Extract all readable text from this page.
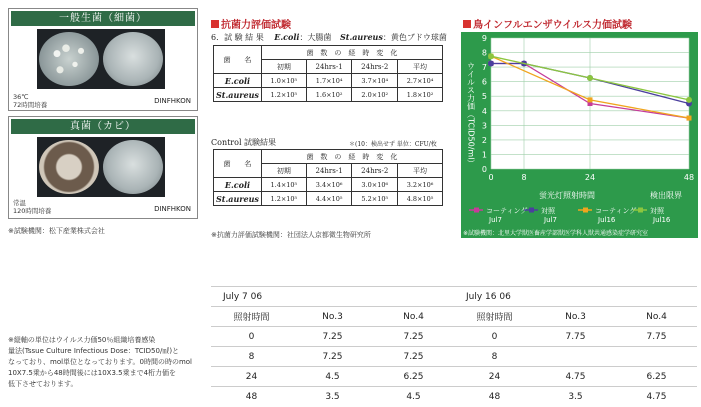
一般生菌（細菌）
36℃
72時間培養	DINFHKON
真菌（カビ）
常温
120時間培養	DINFHKON
※試験機関：松下産業株式会社
抗菌力評価試験
6．試 験 結 果 E.coli：大腸菌 St.aureus：黄色ブドウ球菌
菌　　名	菌　数　の　経　時　変　化			
	初期	24hrs-1	24hrs-2	平均
E.coli	1.0×10⁵	1.7×10⁴	3.7×10⁴	2.7×10⁴
St.aureus	1.2×10⁵	1.6×10²	2.0×10²	1.8×10²
Control 試験結果	＊(10：検出せず 単位：CFU/枚
菌　　名	菌　数　の　経　時　変　化			
	初期	24hrs-1	24hrs-2	平均
E.coli	1.4×10⁵	3.4×10⁶	3.0×10⁶	3.2×10⁶
St.aureus	1.2×10⁵	4.4×10⁵	5.2×10⁵	4.8×10⁵
※抗菌力評価試験機関：社団法人京都微生物研究所
鳥インフルエンザウイルス力価試験
0
1
2
3
4
5
6
7
8
9
0	8	24	48
ウイルス力価（TCID50/ml）
蛍光灯照射時間	検出限界
コーティング
Jul7
対照
Jul7
コーティング
Jul16
対照
Jul16
※試験機関：北里大学獣医畜産学部獣医学科人獣共通感染症学研究室
※縦軸の単位はウイルス力価50％組織培養感染
量法(Tssue Culture Infectious Dose：TCID50/㎖)と
なっており、mol単位となっております。0時間の時のmol
10X7.5乗から48時間後には10X3.5乗まで4桁力価を
低下させております。
July 7 06			July 16 06		
照射時間	No.3	No.4	照射時間	No.3	No.4
0	7.25	7.25	0	7.75	7.75
8	7.25	7.25	8		
24	4.5	6.25	24	4.75	6.25
48	3.5	4.5	48	3.5	4.75
